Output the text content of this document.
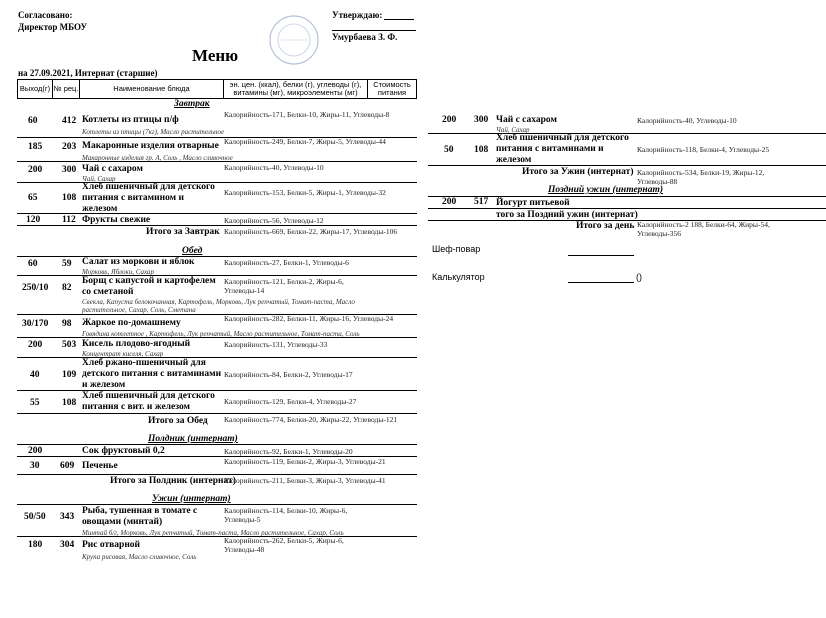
Согласовано:
Директор МБОУ
Утверждаю:
Умурбаева З. Ф.
Меню
на 27.09.2021, Интернат (старшие)
Выход(г) № рец.	Наименование блюда	эн. цен. (ккал), белки (г), углеводы (г), витамины (мг), микроэлементы (мг)
Стоимость питания
Завтрак
60	412 Котлеты из птицы п/ф
Котлеты из птицы (7кг), Масло растительное
Калорийность-171, Белки-10, Жиры-11, Углеводы-8
185 203 Макаронные изделия отварные
Макаронные изделия гр. А, Соль , Масло сливочное
Калорийность-249, Белки-7, Жиры-5, Углеводы-44
200 300 Чай с сахаром
Чай, Сахар
Калорийность-40, Углеводы-10
65	108
Хлеб пшеничный для детского
питания с витамином и
железом
Калорийность-153, Белки-5, Жиры-1, Углеводы-32
120 112 Фрукты свежие	Калорийность-56, Углеводы-12
Итого за Завтрак Калорийность-669, Белки-22, Жиры-17, Углеводы-106
Обед
60	59 Салат из моркови и яблок
Морковь, Яблоки, Сахар
Калорийность-27, Белки-1, Углеводы-6
250/10 82
Борщ с капустой и картофелем
со сметаной
Свекла, Капуста белокочанная, Картофель, Морковь, Лук репчатый, Томат-паста, Масло
растительное, Сахар, Соль, Сметана
Калорийность-121, Белки-2, Жиры-6, Углеводы-14
30/170 98 Жаркое по-домашнему
Говядина котлетное , Картофель, Лук репчатый, Масло растительное, Томат-паста, Соль
Калорийность-282, Белки-11, Жиры-16, Углеводы-24
200 503 Кисель плодово-ягодный
Концентрат киселя, Сахар
Калорийность-131, Углеводы-33
40 109
Хлеб ржано-пшеничный для
детского питания с витаминами
и железом
Калорийность-84, Белки-2, Углеводы-17
55 108
Хлеб пшеничный для детского
питания с вит. и железом
Калорийность-129, Белки-4, Углеводы-27
Итого за Обед Калорийность-774, Белки-20, Жиры-22, Углеводы-121
Полдник (интернат)
200	Сок фруктовый 0,2	Калорийность-92, Белки-1, Углеводы-20
30 609 Печенье	Калорийность-119, Белки-2, Жиры-3, Углеводы-21
Итого за Полдник (интернат)
Калорийность-211, Белки-3, Жиры-3, Углеводы-41
Ужин (интернат)
50/50 343
Рыба, тушенная в томате с
овощами (минтай)
Минтай б/г, Морковь, Лук репчатый, Томат-паста, Масло растительное, Сахар, Соль
Калорийность-114, Белки-10, Жиры-6, Углеводы-5
180 304 Рис отварной
Крупа рисовая, Масло сливочное, Соль
Калорийность-262, Белки-5, Жиры-6, Углеводы-48
200 300 Чай с сахаром
Чай, Сахар
Калорийность-40, Углеводы-10
50 108
Хлеб пшеничный для детского
питания с витаминами и
железом
Калорийность-118, Белки-4, Углеводы-25
Итого за Ужин (интернат) Калорийность-534, Белки-19, Жиры-12, Углеводы-88
Поздний ужин (интернат)
200 517 Йогурт питьевой
того за Поздний ужин (интернат)
Итого за день Калорийность-2 188, Белки-64, Жиры-54, Углеводы-356
Шеф-повар
Калькулятор	()
